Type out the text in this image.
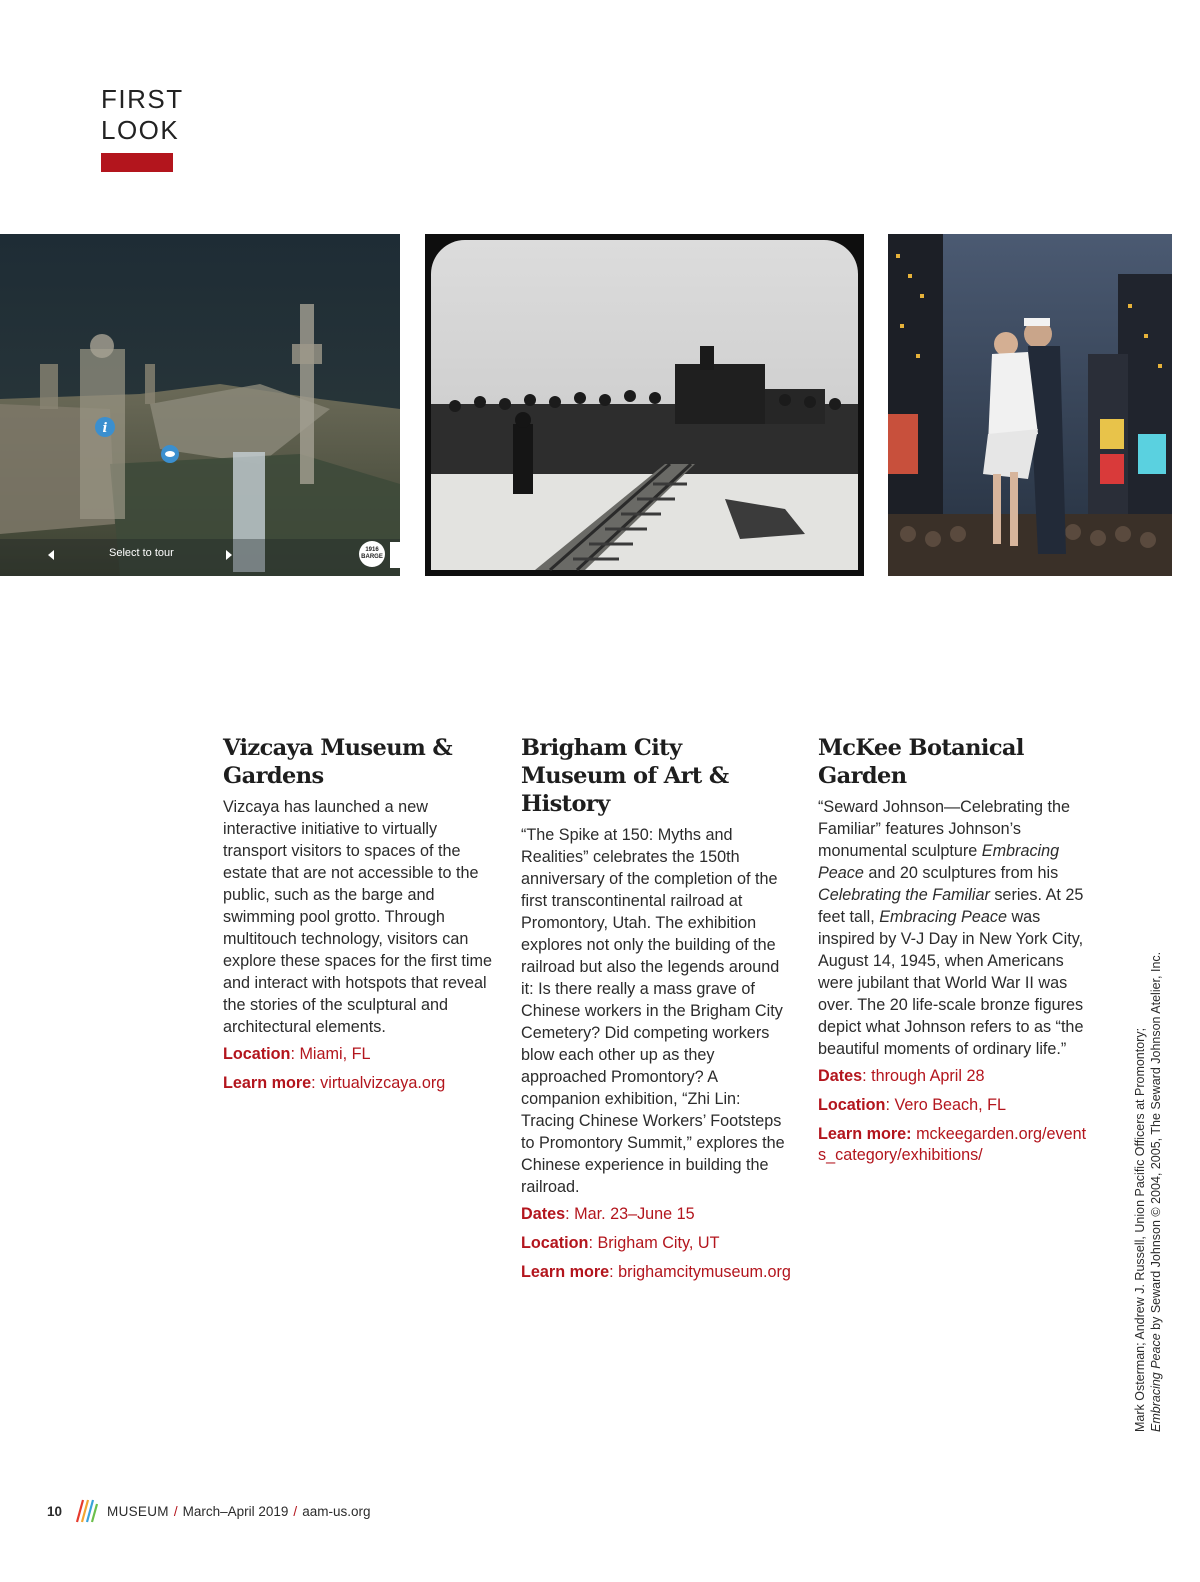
FIRST
LOOK
i
Select to tour	1916
BARGE
Vizcaya Museum & Gardens

Vizcaya has launched a new interactive initiative to virtually transport visitors to spaces of the estate that are not accessible to the public, such as the barge and swimming pool grotto. Through multitouch technology, visitors can explore these spaces for the first time and interact with hotspots that reveal the stories of the sculptural and architectural elements.

Location: Miami, FL
Learn more: virtualvizcaya.org
Brigham City Museum of Art & History

“The Spike at 150: Myths and Realities” celebrates the 150th anniversary of the completion of the first transcontinental railroad at Promontory, Utah. The exhibition explores not only the building of the railroad but also the legends around it: Is there really a mass grave of Chinese workers in the Brigham City Cemetery? Did competing workers blow each other up as they approached Promontory? A companion exhibition, “Zhi Lin: Tracing Chinese Workers’ Footsteps to Promontory Summit,” explores the Chinese experience in building the railroad.

Dates: Mar. 23–June 15
Location: Brigham City, UT
Learn more: brighamcitymuseum.org
McKee Botanical Garden

“Seward Johnson—Celebrating the Familiar” features Johnson’s monumental sculpture Embracing Peace and 20 sculptures from his Celebrating the Familiar series. At 25 feet tall, Embracing Peace was inspired by V-J Day in New York City, August 14, 1945, when Americans were jubilant that World War II was over. The 20 life-scale bronze figures depict what Johnson refers to as “the beautiful moments of ordinary life.”

Dates: through April 28
Location: Vero Beach, FL
Learn more: mckeegarden.org/events_category/exhibitions/	Mark Osterman; Andrew J. Russell, Union Pacific Officers at Promontory; Embracing Peace by Seward Johnson © 2004, 2005, The Seward Johnson Atelier, Inc.
10	MUSEUM / March–April 2019 / aam-us.org
